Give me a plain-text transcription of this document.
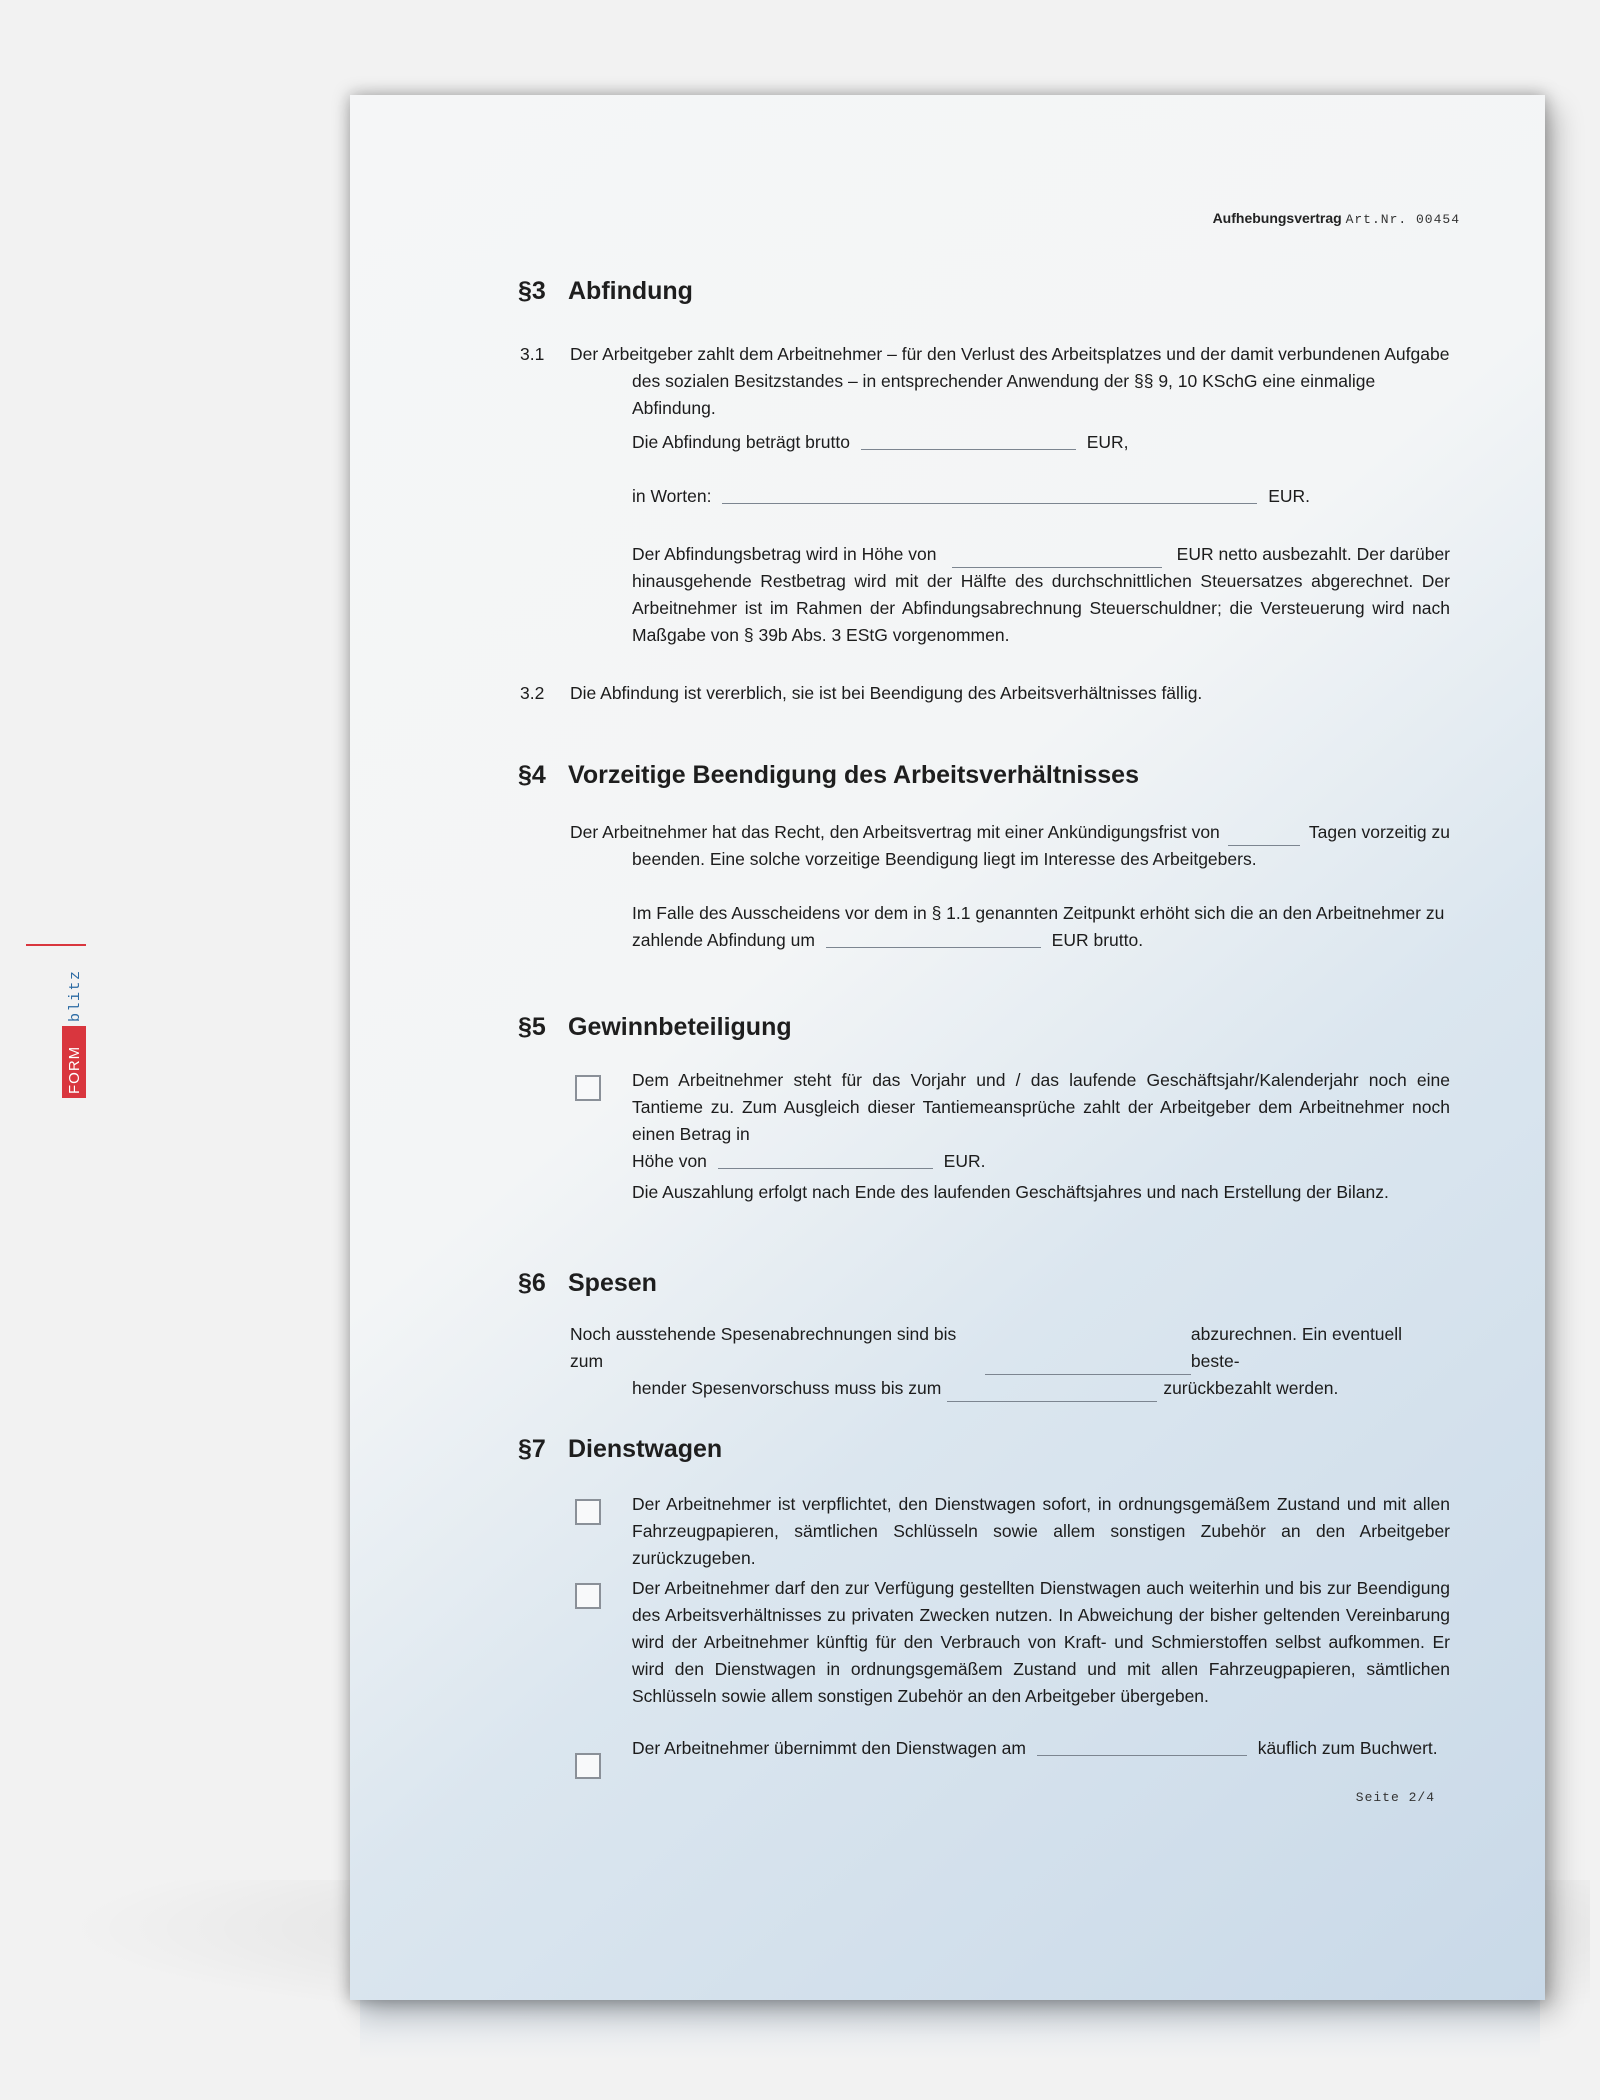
FORM
blitz
Aufhebungsvertrag Art.Nr. 00454
§3 Abfindung
3.1 Der Arbeitgeber zahlt dem Arbeitnehmer – für den Verlust des Arbeitsplatzes und der damit verbundenen Aufgabe
des sozialen Besitzstandes – in entsprechender Anwendung der §§ 9, 10 KSchG eine einmalige Abfindung.
Die Abfindung beträgt brutto	EUR,
in Worten:	EUR.
Der Abfindungsbetrag wird in Höhe von	EUR netto ausbezahlt. Der darüber
hinausgehende Restbetrag wird mit der Hälfte des durchschnittlichen Steuersatzes abgerechnet. Der Arbeitnehmer ist im Rahmen der Abfindungsabrechnung Steuerschuldner; die Versteuerung wird nach Maßgabe von § 39b Abs. 3 EStG vorgenommen.
3.2 Die Abfindung ist vererblich, sie ist bei Beendigung des Arbeitsverhältnisses fällig.
§4 Vorzeitige Beendigung des Arbeitsverhältnisses
Der Arbeitnehmer hat das Recht, den Arbeitsvertrag mit einer Ankündigungsfrist von	Tagen vorzeitig zu
beenden. Eine solche vorzeitige Beendigung liegt im Interesse des Arbeitgebers.
Im Falle des Ausscheidens vor dem in § 1.1 genannten Zeitpunkt erhöht sich die an den Arbeitnehmer zu
zahlende Abfindung um	EUR brutto.
§5 Gewinnbeteiligung
Dem Arbeitnehmer steht für das Vorjahr und / das laufende Geschäftsjahr/Kalenderjahr noch eine Tantieme zu. Zum Ausgleich dieser Tantiemeansprüche zahlt der Arbeitgeber dem Arbeitnehmer noch einen Betrag in
Höhe von	EUR.
Die Auszahlung erfolgt nach Ende des laufenden Geschäftsjahres und nach Erstellung der Bilanz.
§6 Spesen
Noch ausstehende Spesenabrechnungen sind bis zum
abzurechnen. Ein eventuell beste-
hender Spesenvorschuss muss bis zum	zurückbezahlt werden.
§7 Dienstwagen
Der Arbeitnehmer ist verpflichtet, den Dienstwagen sofort, in ordnungsgemäßem Zustand und mit allen Fahrzeugpapieren, sämtlichen Schlüsseln sowie allem sonstigen Zubehör an den Arbeitgeber zurückzugeben.
Der Arbeitnehmer darf den zur Verfügung gestellten Dienstwagen auch weiterhin und bis zur Beendigung des Arbeitsverhältnisses zu privaten Zwecken nutzen. In Abweichung der bisher geltenden Vereinbarung wird der Arbeitnehmer künftig für den Verbrauch von Kraft- und Schmierstoffen selbst aufkommen. Er wird den Dienstwagen in ordnungsgemäßem Zustand und mit allen Fahrzeugpapieren, sämtlichen Schlüsseln sowie allem sonstigen Zubehör an den Arbeitgeber übergeben.
Der Arbeitnehmer übernimmt den Dienstwagen am	käuflich zum Buchwert.
Seite 2/4
